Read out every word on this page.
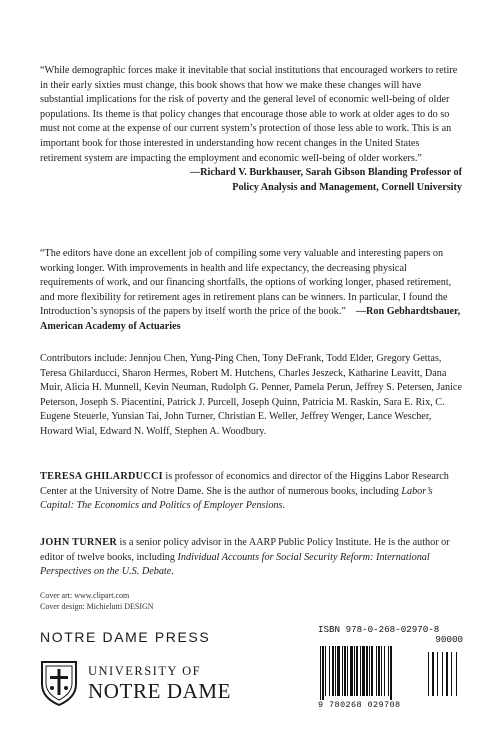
“While demographic forces make it inevitable that social institutions that encouraged workers to retire in their early sixties must change, this book shows that how we make these changes will have substantial implications for the risk of poverty and the general level of economic well-being of older populations. Its theme is that policy changes that encourage those able to work at older ages to do so must not come at the expense of our current system’s protection of those less able to work. This is an important book for those interested in understanding how recent changes in the United States retirement system are impacting the employment and economic well-being of older workers.”

—Richard V. Burkhauser, Sarah Gibson Blanding Professor of

Policy Analysis and Management, Cornell University

“The editors have done an excellent job of compiling some very valuable and interesting papers on working longer. With improvements in health and life expectancy, the decreasing physical requirements of work, and our financing shortfalls, the options of working longer, phased retirement, and more flexibility for retirement ages in retirement plans can be winners. In particular, I found the Introduction’s synopsis of the papers by itself worth the price of the book.” —Ron Gebhardtsbauer, American Academy of Actuaries

Contributors include: Jennjou Chen, Yung-Ping Chen, Tony DeFrank, Todd Elder, Gregory Gettas, Teresa Ghilarducci, Sharon Hermes, Robert M. Hutchens, Charles Jeszeck, Katharine Leavitt, Dana Muir, Alicia H. Munnell, Kevin Neuman, Rudolph G. Penner, Pamela Perun, Jeffrey S. Petersen, Janice Peterson, Joseph S. Piacentini, Patrick J. Purcell, Joseph Quinn, Patricia M. Raskin, Sara E. Rix, C. Eugene Steuerle, Yunsian Tai, John Turner, Christian E. Weller, Jeffrey Wenger, Lance Wescher, Howard Wial, Edward N. Wolff, Stephen A. Woodbury.

TERESA GHILARDUCCI is professor of economics and director of the Higgins Labor Research Center at the University of Notre Dame. She is the author of numerous books, including Labor’s Capital: The Economics and Politics of Employer Pensions.

JOHN TURNER is a senior policy advisor in the AARP Public Policy Institute. He is the author or editor of twelve books, including Individual Accounts for Social Security Reform: International Perspectives on the U.S. Debate.

Cover art: www.clipart.com
Cover design: Michielutti DESIGN
NOTRE DAME PRESS
UNIVERSITY OF
NOTRE DAME
ISBN 978-0-268-02970-8
90000
9 780268 029708
